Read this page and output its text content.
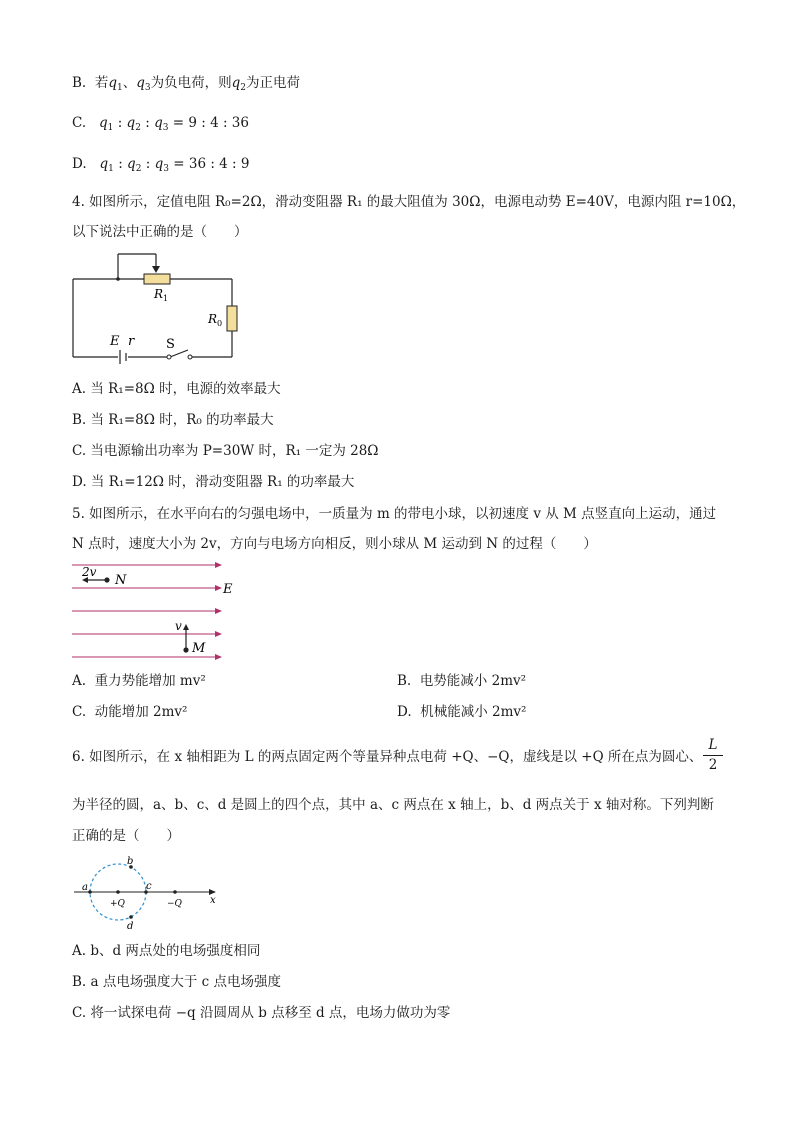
B. 若$q_1$、$q_3$为负电荷，则$q_2$为正电荷
C. $q_1$ : $q_2$ : $q_3 = 9$ : 4 : 36
D. $q_1$ : $q_2$ : $q_3 = 36$ : 4 : 9
4. 如图所示，定值电阻 R₀=2Ω，滑动变阻器 R₁ 的最大阻值为 30Ω，电源电动势 E=40V，电源内阻 r=10Ω，
以下说法中正确的是（　　）
$R_1$
$R_0$
E r S
A. 当 R₁=8Ω 时，电源的效率最大
B. 当 R₁=8Ω 时，R₀ 的功率最大
C. 当电源输出功率为 P=30W 时，R₁ 一定为 28Ω
D. 当 R₁=12Ω 时，滑动变阻器 R₁ 的功率最大
5. 如图所示，在水平向右的匀强电场中，一质量为 m 的带电小球，以初速度 v 从 M 点竖直向上运动，通过
N 点时，速度大小为 2v，方向与电场方向相反，则小球从 M 运动到 N 的过程（　　）
2v
N
E
v
M
A. 重力势能增加 mv²	B. 电势能减小 2mv²
C. 动能增加 2mv²	D. 机械能减小 2mv²
6. 如图所示，在 x 轴相距为 L 的两点固定两个等量异种点电荷 +Q、−Q，虚线是以 +Q 所在点为圆心、
L
2
为半径的圆，a、b、c、d 是圆上的四个点，其中 a、c 两点在 x 轴上，b、d 两点关于 x 轴对称。下列判断
正确的是（　　）
a
b
c
d
+Q	−Q	x
A. b、d 两点处的电场强度相同
B. a 点电场强度大于 c 点电场强度
C. 将一试探电荷 −q 沿圆周从 b 点移至 d 点，电场力做功为零
